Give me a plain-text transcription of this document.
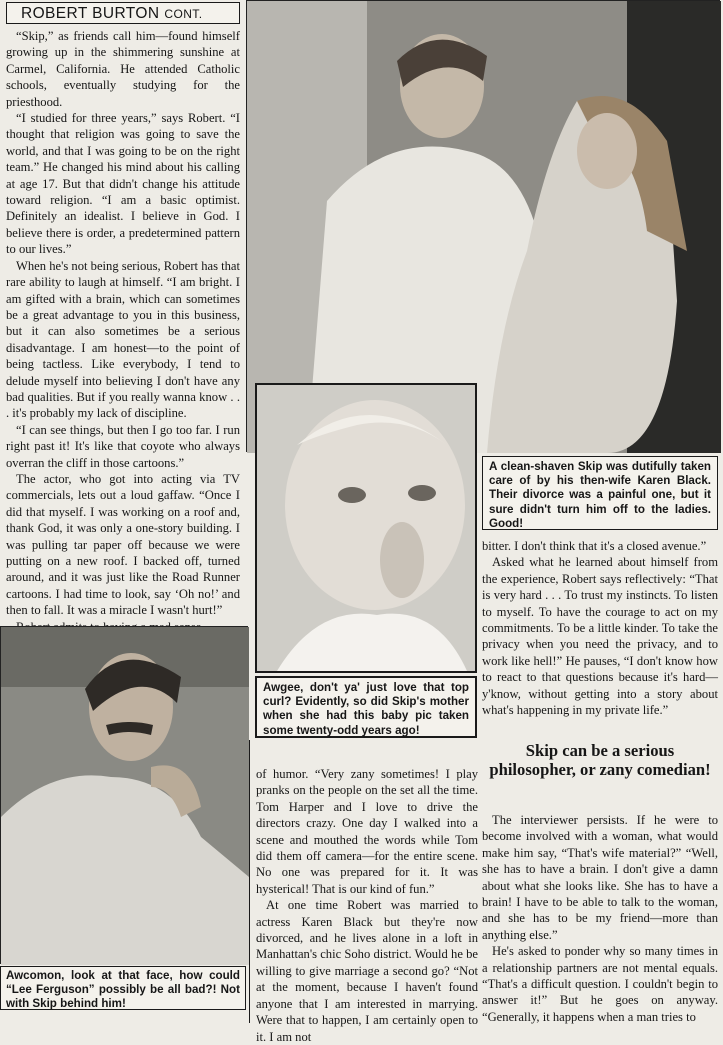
ROBERT BURTON CONT.

“Skip,” as friends call him—found himself growing up in the shimmering sunshine at Carmel, California. He attended Catholic schools, eventually studying for the priesthood.

“I studied for three years,” says Robert. “I thought that religion was going to save the world, and that I was going to be on the right team.” He changed his mind about his calling at age 17. But that didn't change his attitude toward religion. “I am a basic optimist. Definitely an idealist. I believe in God. I believe there is order, a predetermined pattern to our lives.”

When he's not being serious, Robert has that rare ability to laugh at himself. “I am bright. I am gifted with a brain, which can sometimes be a great advantage to you in this business, but it can also sometimes be a serious disadvantage. I am honest—to the point of being tactless. Like everybody, I tend to delude myself into believing I don't have any bad qualities. But if you really wanna know . . . it's probably my lack of discipline.

“I can see things, but then I go too far. I run right past it! It's like that coyote who always overran the cliff in those cartoons.”

The actor, who got into acting via TV commercials, lets out a loud gaffaw. “Once I did that myself. I was working on a roof and, thank God, it was only a one-story building. I was pulling tar paper off because we were putting on a new roof. I backed off, turned around, and it was just like the Road Runner cartoons. I had time to look, say ‘Oh no!’ and then to fall. It was a miracle I wasn't hurt!”

A clean-shaven Skip was dutifully taken care of by his then-wife Karen Black. Their divorce was a painful one, but it sure didn't turn him off to the ladies. Good!
Awgee, don't ya' just love that top curl? Evidently, so did Skip's mother when she had this baby pic taken some twenty-odd years ago!
Awcomon, look at that face, how could “Lee Ferguson” possibly be all bad?! Not with Skip behind him!

of humor. “Very zany sometimes! I play pranks on the people on the set all the time. Tom Harper and I love to drive the directors crazy. One day I walked into a scene and mouthed the words while Tom did them off camera—for the entire scene. No one was prepared for it. It was hysterical! That is our kind of fun.”

At one time Robert was married to actress Karen Black but they're now divorced, and he lives alone in a loft in Manhattan's chic Soho district. Would he be willing to give marriage a second go? “Not at the moment, because I haven't found anyone that I am interested in marrying. Were that to happen, I am certainly open to it. I am not

bitter. I don't think that it's a closed avenue.”

Asked what he learned about himself from the experience, Robert says reflectively: “That is very hard . . . To trust my instincts. To listen to myself. To have the courage to act on my commitments. To be a little kinder. To take the privacy when you need the privacy, and to work like hell!” He pauses, “I don't know how to react to that questions because it's hard—y'know, without getting into a story about what's happening in my private life.”

Skip can be a serious philosopher, or zany comedian!

The interviewer persists. If he were to become involved with a woman, what would make him say, “That's wife material?” “Well, she has to have a brain. I don't give a damn about what she looks like. She has to have a brain! I have to be able to talk to the woman, and she has to be my friend—more than anything else.”

He's asked to ponder why so many times in a relationship partners are not mental equals. “That's a difficult question. I couldn't begin to answer it!” But he goes on anyway. “Generally, it happens when a man tries to
